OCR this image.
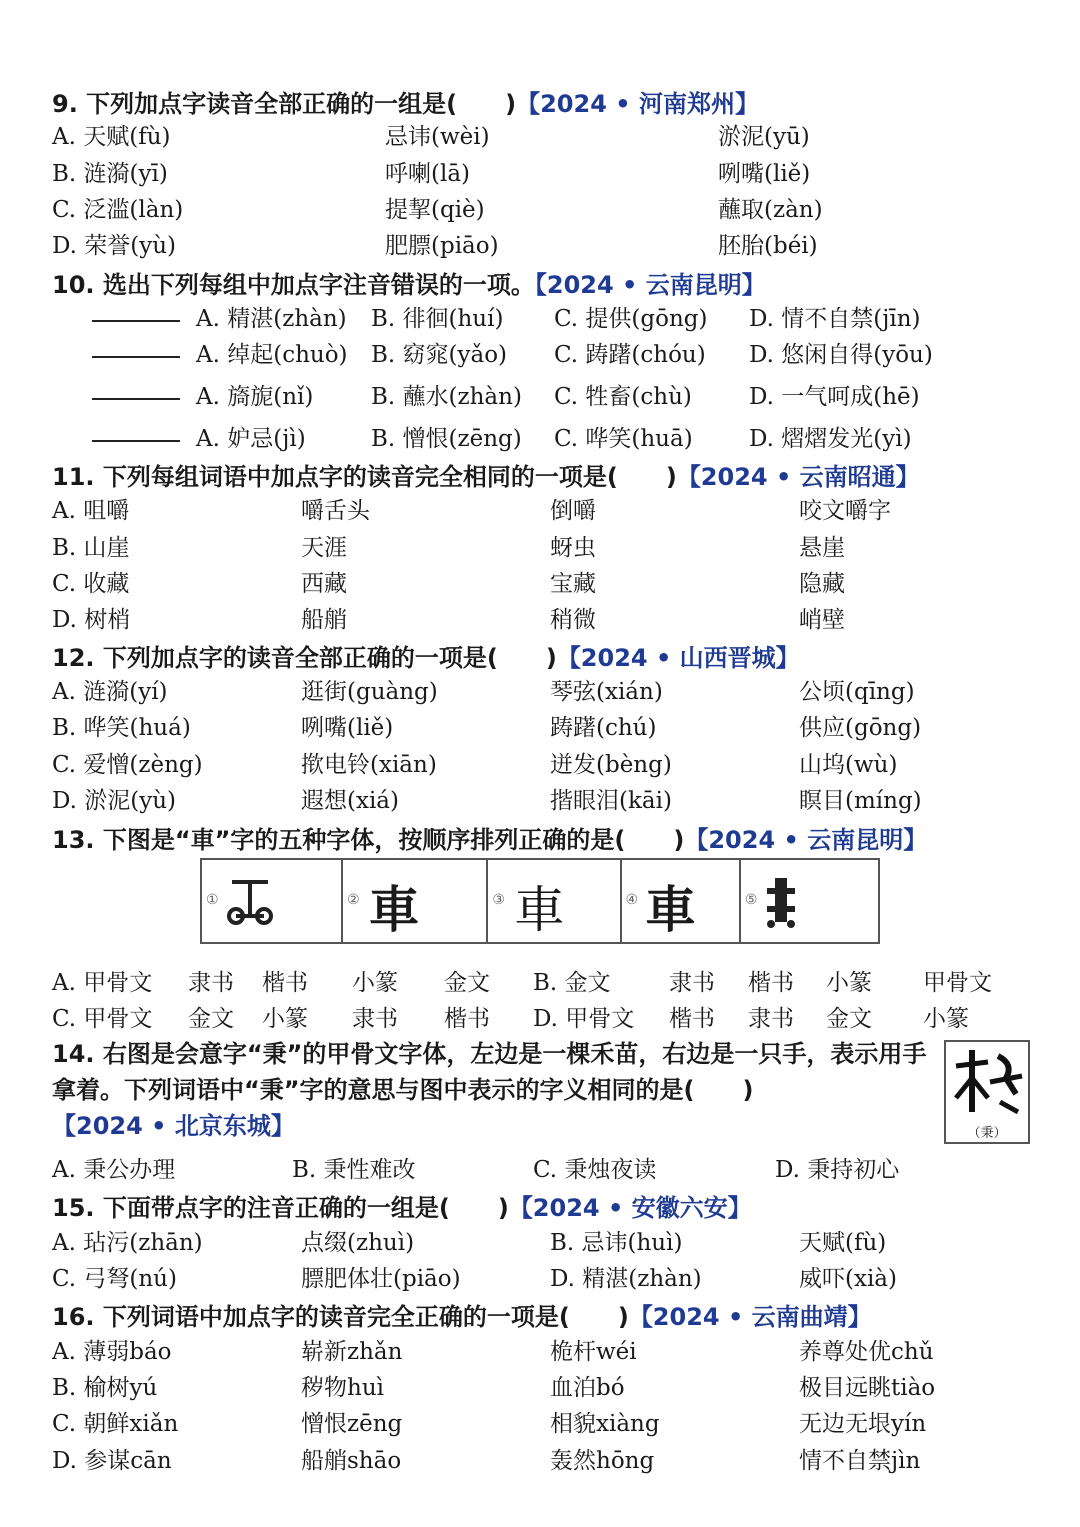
9. 下列加点字读音全部正确的一组是(　　)【2024 • 河南郑州】
A. 天赋(fù)	忌讳(wèi)	淤泥(yū)
B. 涟漪(yī)	呼喇(lā)	咧嘴(liě)
C. 泛滥(làn)	提挈(qiè)	蘸取(zàn)
D. 荣誉(yù)	肥膘(piāo)	胚胎(béi)
10. 选出下列每组中加点字注音错误的一项。【2024 • 云南昆明】
A. 精湛(zhàn) B. 徘徊(huí) C. 提供(gōng) D. 情不自禁(jīn)
A. 绰起(chuò) B. 窈窕(yǎo) C. 踌躇(chóu) D. 悠闲自得(yōu)
A. 旖旎(nǐ)	B. 蘸水(zhàn) C. 牲畜(chù) D. 一气呵成(hē)
A. 妒忌(jì)	B. 憎恨(zēng) C. 哗笑(huā) D. 熠熠发光(yì)
11. 下列每组词语中加点字的读音完全相同的一项是(　　)【2024 • 云南昭通】
A. 咀嚼	嚼舌头	倒嚼	咬文嚼字
B. 山崖	天涯	蚜虫	悬崖
C. 收藏	西藏	宝藏	隐藏
D. 树梢	船艄	稍微	峭壁
12. 下列加点字的读音全部正确的一项是(　　)【2024 • 山西晋城】
A. 涟漪(yí)	逛街(guàng)	琴弦(xián)	公顷(qīng)
B. 哗笑(huá)	咧嘴(liě)	踌躇(chú)	供应(gōng)
C. 爱憎(zèng)	揿电铃(xiān)	迸发(bèng)	山坞(wù)
D. 淤泥(yù)	遐想(xiá)	揩眼泪(kāi)	瞑目(míng)
13. 下图是“車”字的五种字体，按顺序排列正确的是(　　)【2024 • 云南昆明】
①	② 車	③ 車	④ 車	⑤
A. 甲骨文 隶书 楷书 小篆 金文 B. 金文	隶书 楷书 小篆 甲骨文
C. 甲骨文 金文 小篆 隶书 楷书 D. 甲骨文 楷书 隶书 金文 小篆
14. 右图是会意字“秉”的甲骨文字体，左边是一棵禾苗，右边是一只手，表示用手拿着。下列词语中“秉”字的意思与图中表示的字义相同的是(　　)
【2024 • 北京东城】	（秉）
A. 秉公办理	B. 秉性难改	C. 秉烛夜读	D. 秉持初心
15. 下面带点字的注音正确的一组是(　　)【2024 • 安徽六安】
A. 玷污(zhān)	点缀(zhuì)	B. 忌讳(huì)	天赋(fù)
C. 弓弩(nú)	膘肥体壮(piāo)	D. 精湛(zhàn)	威吓(xià)
16. 下列词语中加点字的读音完全正确的一项是(　　)【2024 • 云南曲靖】
A. 薄弱báo	崭新zhǎn	桅杆wéi	养尊处优chǔ
B. 榆树yú	秽物huì	血泊bó	极目远眺tiào
C. 朝鲜xiǎn	憎恨zēng	相貌xiàng	无边无垠yín
D. 参谋cān	船艄shāo	轰然hōng	情不自禁jìn
